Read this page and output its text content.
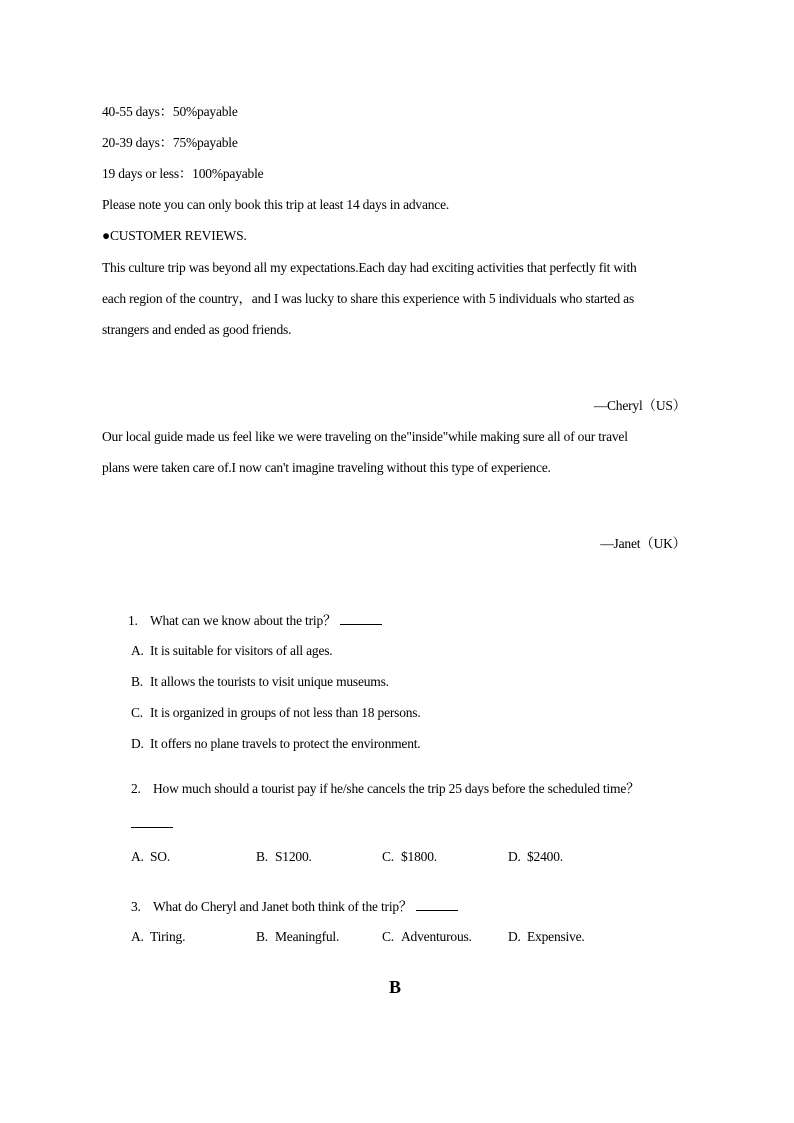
40-55 days：50%payable
20-39 days：75%payable
19 days or less：100%payable
Please note you can only book this trip at least 14 days in advance.
●CUSTOMER REVIEWS.
This culture trip was beyond all my expectations.Each day had exciting activities that perfectly fit with
each region of the country，and I was lucky to share this experience with 5 individuals who started as
strangers and ended as good friends.
—Cheryl（US）
Our local guide made us feel like we were traveling on the"inside"while making sure all of our travel
plans were taken care of.I now can't imagine traveling without this type of experience.
—Janet（UK）
1. What can we know about the trip？
A. It is suitable for visitors of all ages.
B. It allows the tourists to visit unique museums.
C. It is organized in groups of not less than 18 persons.
D. It offers no plane travels to protect the environment.
2. How much should a tourist pay if he/she cancels the trip 25 days before the scheduled time？
A. SO.	B. S1200.	C. $1800.	D. $2400.
3. What do Cheryl and Janet both think of the trip？
A. Tiring.	B. Meaningful.	C. Adventurous.	D. Expensive.
B
